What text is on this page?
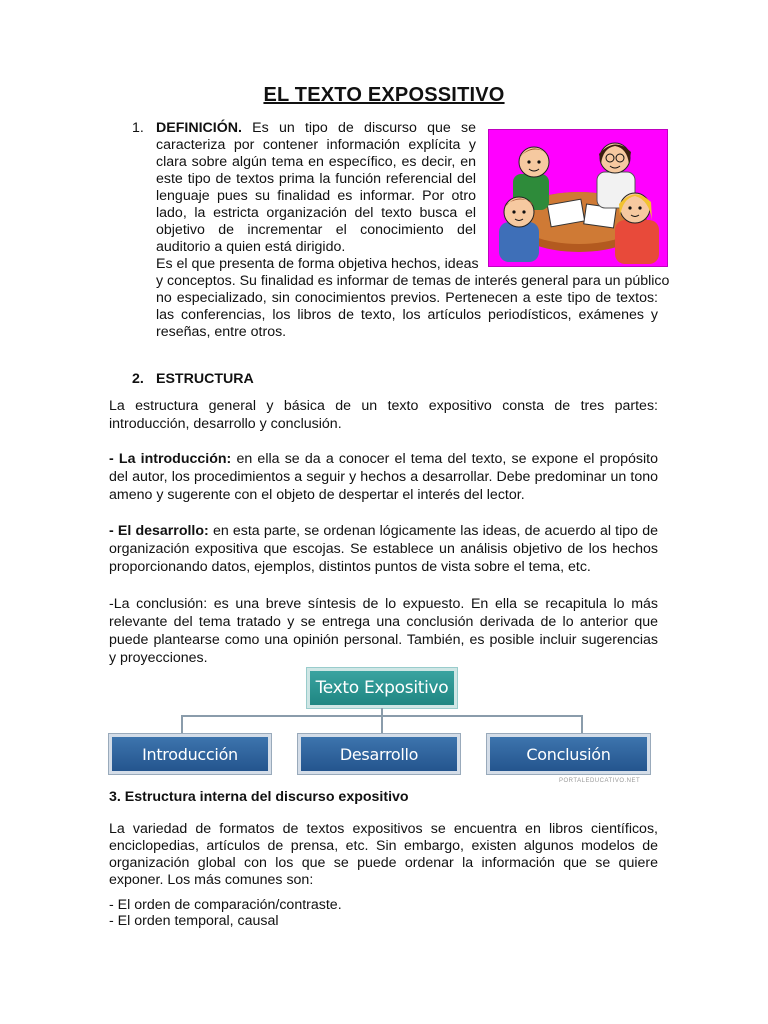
EL TEXTO EXPOSSITIVO
1. DEFINICIÓN. Es un tipo de discurso que se
caracteriza por contener información explícita y
clara sobre algún tema en específico, es decir, en
este tipo de textos prima la función referencial del
lenguaje pues su finalidad es informar. Por otro
lado, la estricta organización del texto busca el
objetivo de incrementar el conocimiento del
auditorio a quien está dirigido.
Es el que presenta de forma objetiva hechos, ideas
y conceptos. Su finalidad es informar de temas de interés general para un público
no especializado, sin conocimientos previos. Pertenecen a este tipo de textos:
las conferencias, los libros de texto, los artículos periodísticos, exámenes y
reseñas, entre otros.
2. ESTRUCTURA
La estructura general y básica de un texto expositivo consta de tres partes: introducción, desarrollo y conclusión.
- La introducción: en ella se da a conocer el tema del texto, se expone el propósito del autor, los procedimientos a seguir y hechos a desarrollar. Debe predominar un tono ameno y sugerente con el objeto de despertar el interés del lector.
- El desarrollo: en esta parte, se ordenan lógicamente las ideas, de acuerdo al tipo de organización expositiva que escojas. Se establece un análisis objetivo de los hechos proporcionando datos, ejemplos, distintos puntos de vista sobre el tema, etc.
-La conclusión: es una breve síntesis de lo expuesto. En ella se recapitula lo más relevante del tema tratado y se entrega una conclusión derivada de lo anterior que puede plantearse como una opinión personal. También, es posible incluir sugerencias y proyecciones.
Texto Expositivo
Introducción	Desarrollo	Conclusión
PORTALEDUCATIVO.NET
3. Estructura interna del discurso expositivo
La variedad de formatos de textos expositivos se encuentra en libros científicos, enciclopedias, artículos de prensa, etc. Sin embargo, existen algunos modelos de organización global con los que se puede ordenar la información que se quiere exponer. Los más comunes son:
- El orden de comparación/contraste.
- El orden temporal, causal
